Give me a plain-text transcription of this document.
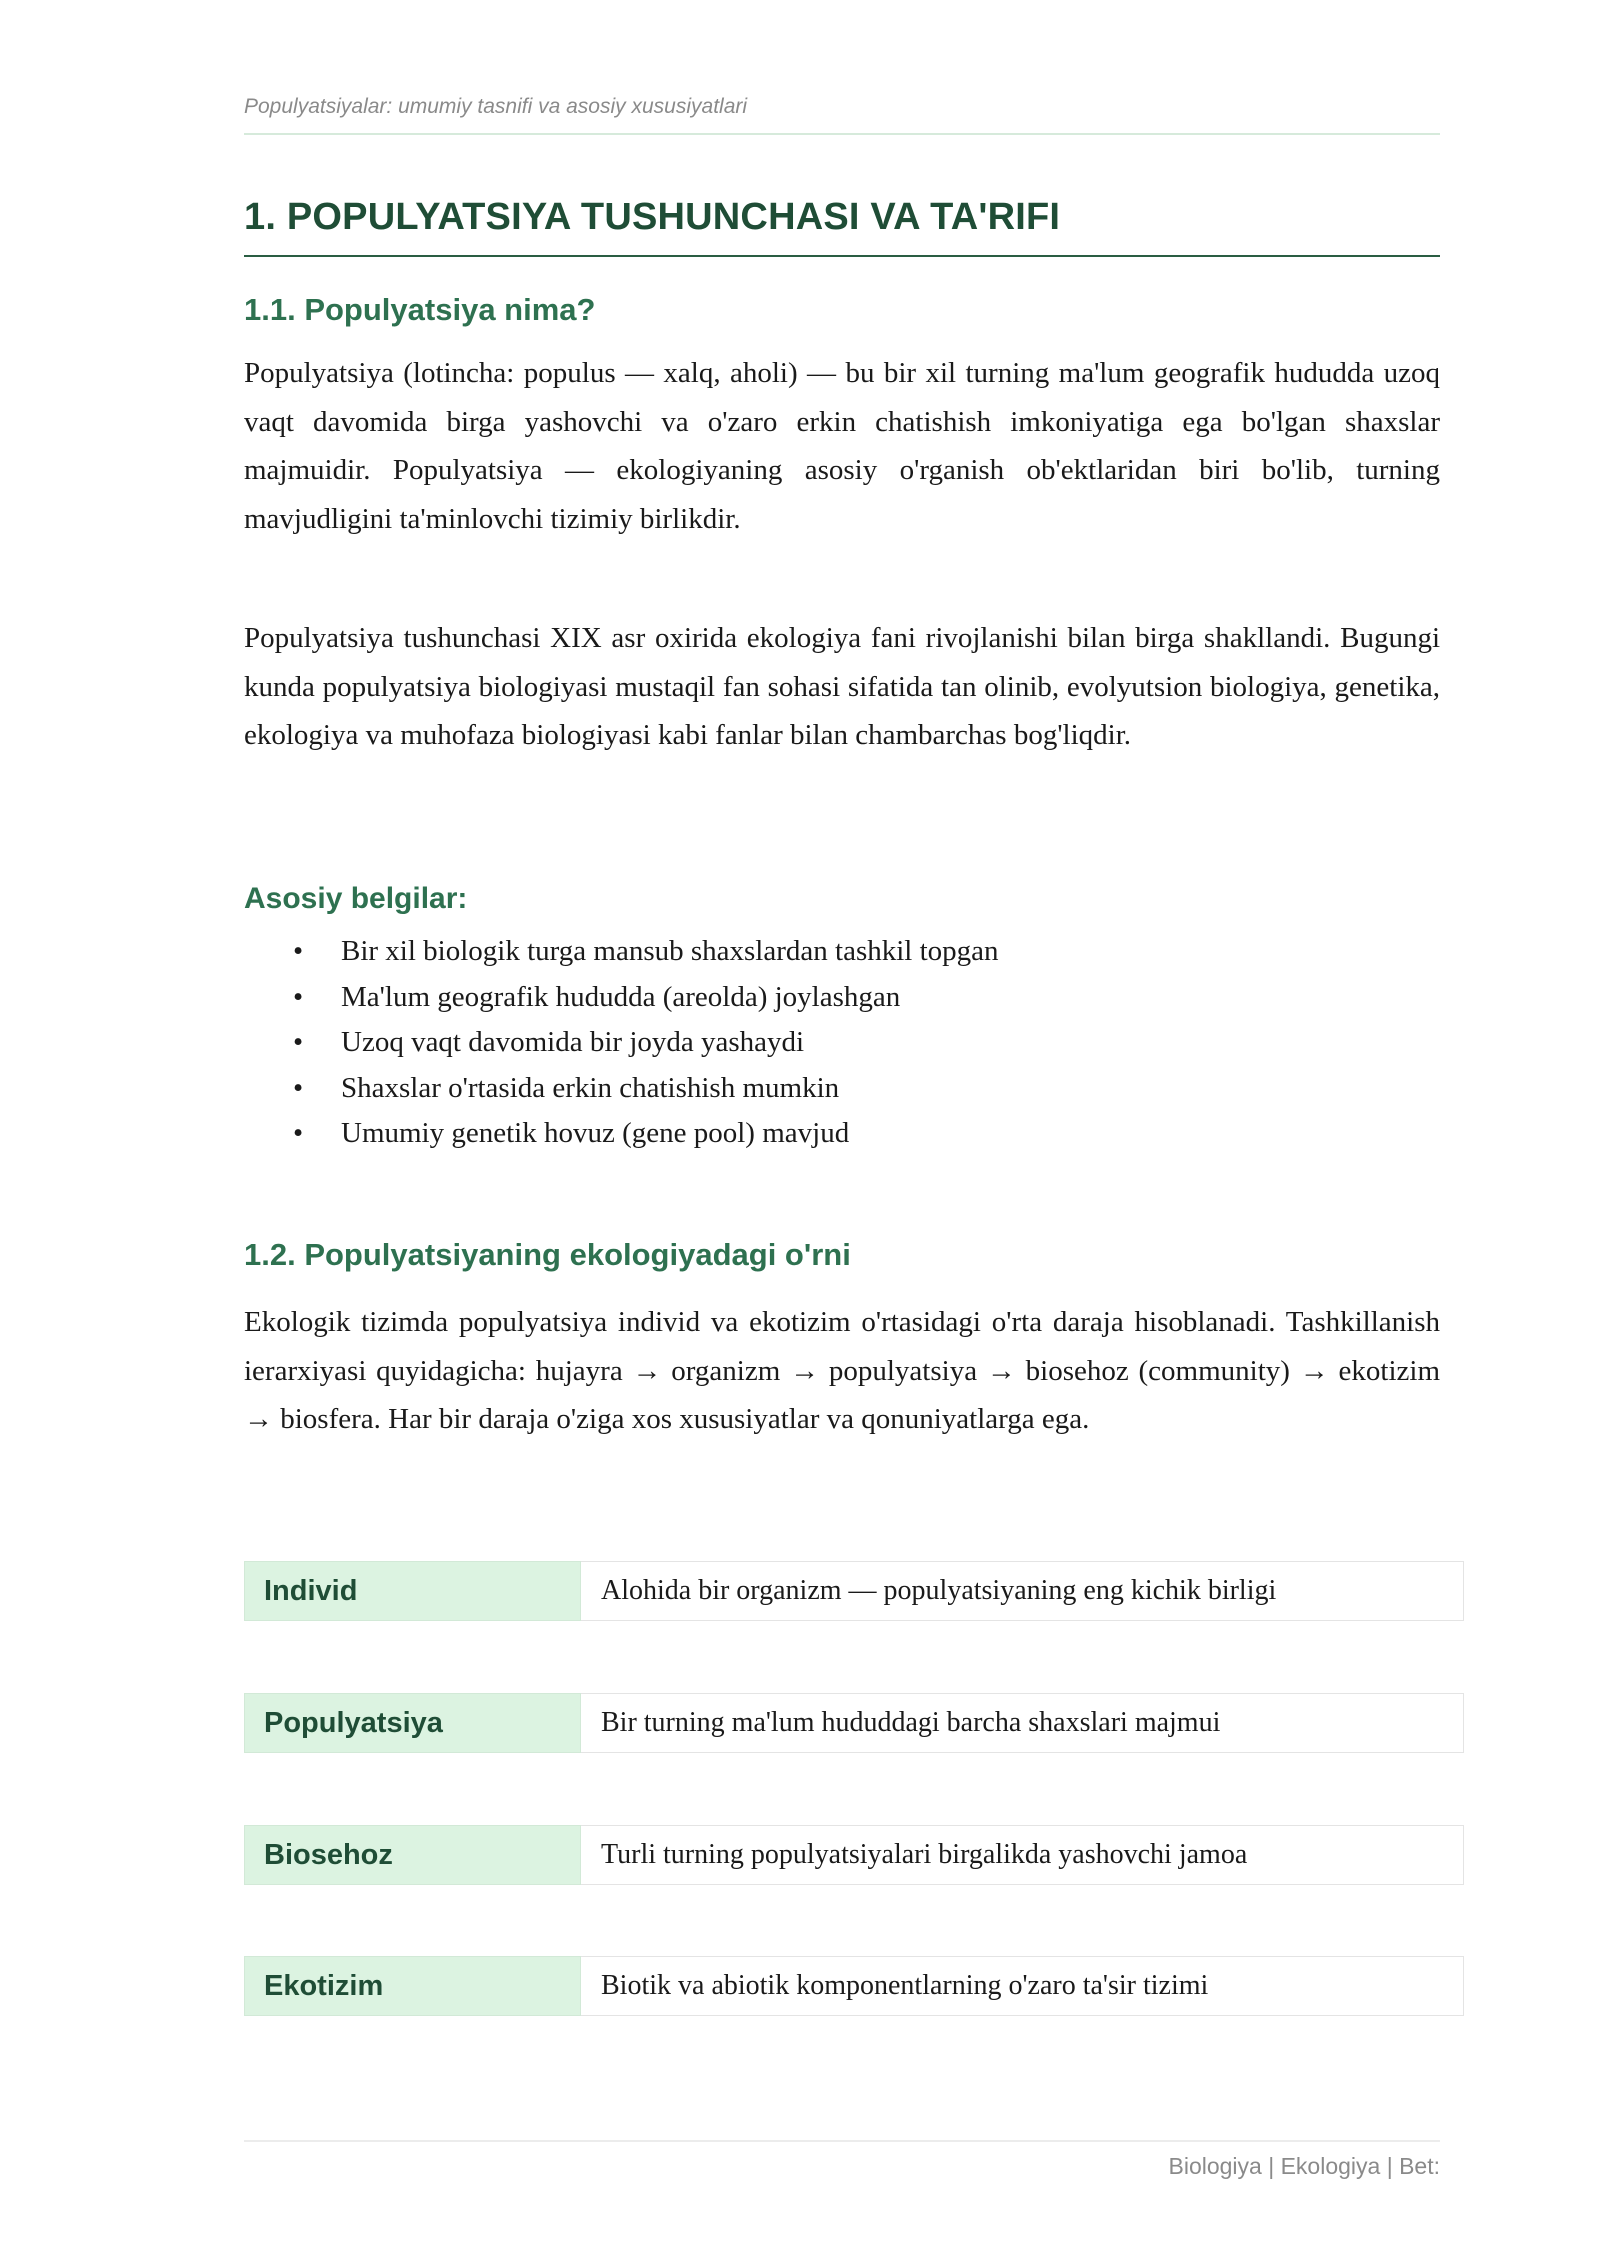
Populyatsiyalar: umumiy tasnifi va asosiy xususiyatlari
1. POPULYATSIYA TUSHUNCHASI VA TA'RIFI
1.1. Populyatsiya nima?

Populyatsiya (lotincha: populus — xalq, aholi) — bu bir xil turning ma'lum geografik hududda uzoq vaqt davomida birga yashovchi va o'zaro erkin chatishish imkoniyatiga ega bo'lgan shaxslar majmuidir. Populyatsiya — ekologiyaning asosiy o'rganish ob'ektlaridan biri bo'lib, turning mavjudligini ta'minlovchi tizimiy birlikdir.

Populyatsiya tushunchasi XIX asr oxirida ekologiya fani rivojlanishi bilan birga shakllandi. Bugungi kunda populyatsiya biologiyasi mustaqil fan sohasi sifatida tan olinib, evolyutsion biologiya, genetika, ekologiya va muhofaza biologiyasi kabi fanlar bilan chambarchas bog'liqdir.

Asosiy belgilar:
• Bir xil biologik turga mansub shaxslardan tashkil topgan
• Ma'lum geografik hududda (areolda) joylashgan
• Uzoq vaqt davomida bir joyda yashaydi
• Shaxslar o'rtasida erkin chatishish mumkin
• Umumiy genetik hovuz (gene pool) mavjud
1.2. Populyatsiyaning ekologiyadagi o'rni

Ekologik tizimda populyatsiya individ va ekotizim o'rtasidagi o'rta daraja hisoblanadi. Tashkillanish ierarxiyasi quyidagicha: hujayra → organizm → populyatsiya → biosehoz (community) → ekotizim → biosfera. Har bir daraja o'ziga xos xususiyatlar va qonuniyatlarga ega.

Individ	Alohida bir organizm — populyatsiyaning eng kichik birligi
Populyatsiya	Bir turning ma'lum hududdagi barcha shaxslari majmui
Biosehoz	Turli turning populyatsiyalari birgalikda yashovchi jamoa
Ekotizim	Biotik va abiotik komponentlarning o'zaro ta'sir tizimi
Biologiya | Ekologiya | Bet:
